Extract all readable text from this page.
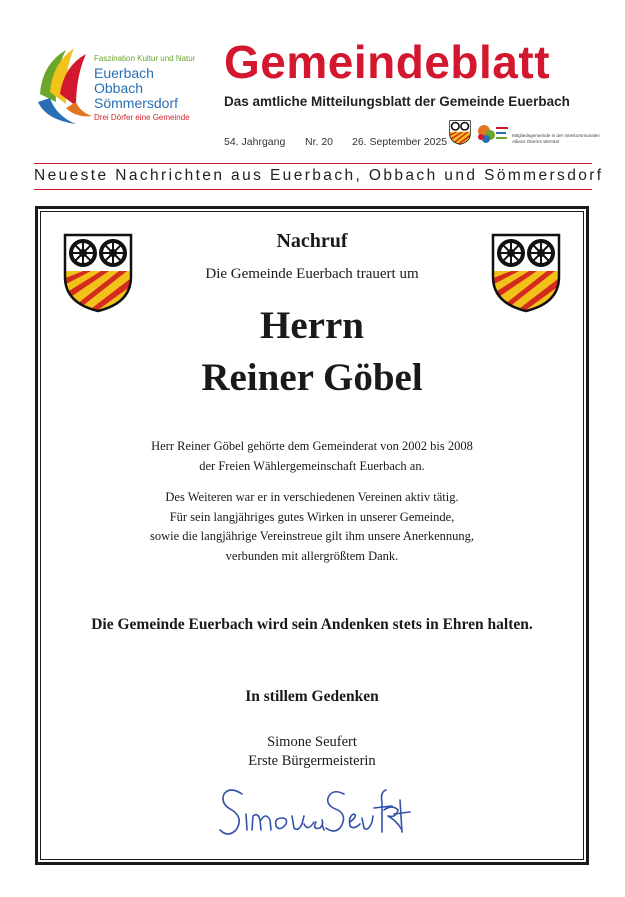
Faszination Kultur und Natur
Euerbach
Obbach
Sömmersdorf
Drei Dörfer eine Gemeinde
Gemeindeblatt
Das amtliche Mitteilungsblatt der Gemeinde Euerbach
54. Jahrgang Nr. 20 26. September 2025
Mitgliedsgemeinde in der Interkommunalen Allianz Oberes Werntal
Neueste Nachrichten aus Euerbach, Obbach und Sömmersdorf
Nachruf
Die Gemeinde Euerbach trauert um
Herrn
Reiner Göbel
Herr Reiner Göbel gehörte dem Gemeinderat von 2002 bis 2008
der Freien Wählergemeinschaft Euerbach an.
Des Weiteren war er in verschiedenen Vereinen aktiv tätig.
Für sein langjähriges gutes Wirken in unserer Gemeinde,
sowie die langjährige Vereinstreue gilt ihm unsere Anerkennung,
verbunden mit allergrößtem Dank.
Die Gemeinde Euerbach wird sein Andenken stets in Ehren halten.
In stillem Gedenken
Simone Seufert
Erste Bürgermeisterin
